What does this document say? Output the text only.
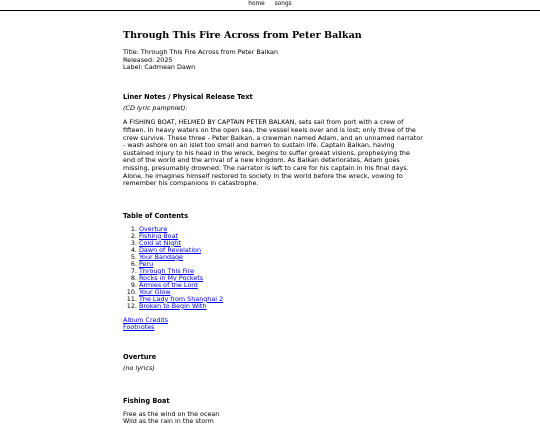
home songs
Through This Fire Across from Peter Balkan
Title: Through This Fire Across from Peter Balkan
Released: 2025
Label: Cadmean Dawn
Liner Notes / Physical Release Text
(CD lyric pamphlet):
A FISHING BOAT, HELMED BY CAPTAIN PETER BALKAN, sets sail from port with a crew of fifteen. In heavy waters on the open sea, the vessel keels over and is lost; only three of the crew survive. These three - Peter Balkan, a crewman named Adam, and an unnamed narrator - wash ashore on an islet too small and barren to sustain life. Captain Balkan, having sustained injury to his head in the wreck, begins to suffer greeat visions, prophesying the end of the world and the arrival of a new kingdom. As Balkan deteriorates, Adam goes missing, presumably drowned. The narrator is left to care for his captain in his final days. Alone, he imagines himself restored to society in the world before the wreck, vowing to remember his companions in catastrophe.
Table of Contents
1. Overture
2. Fishing Boat
3. Cold at Night
4. Dawn of Revelation
5. Your Bandage
6. Peru
7. Through This Fire
8. Rocks in My Pockets
9. Armies of the Lord
10. Your Glow
11. The Lady from Shanghai 2
12. Broken to Begin With
Album Credits
Footnotes
Overture
(no lyrics)
Fishing Boat
Free as the wind on the ocean
Wild as the rain in the storm
